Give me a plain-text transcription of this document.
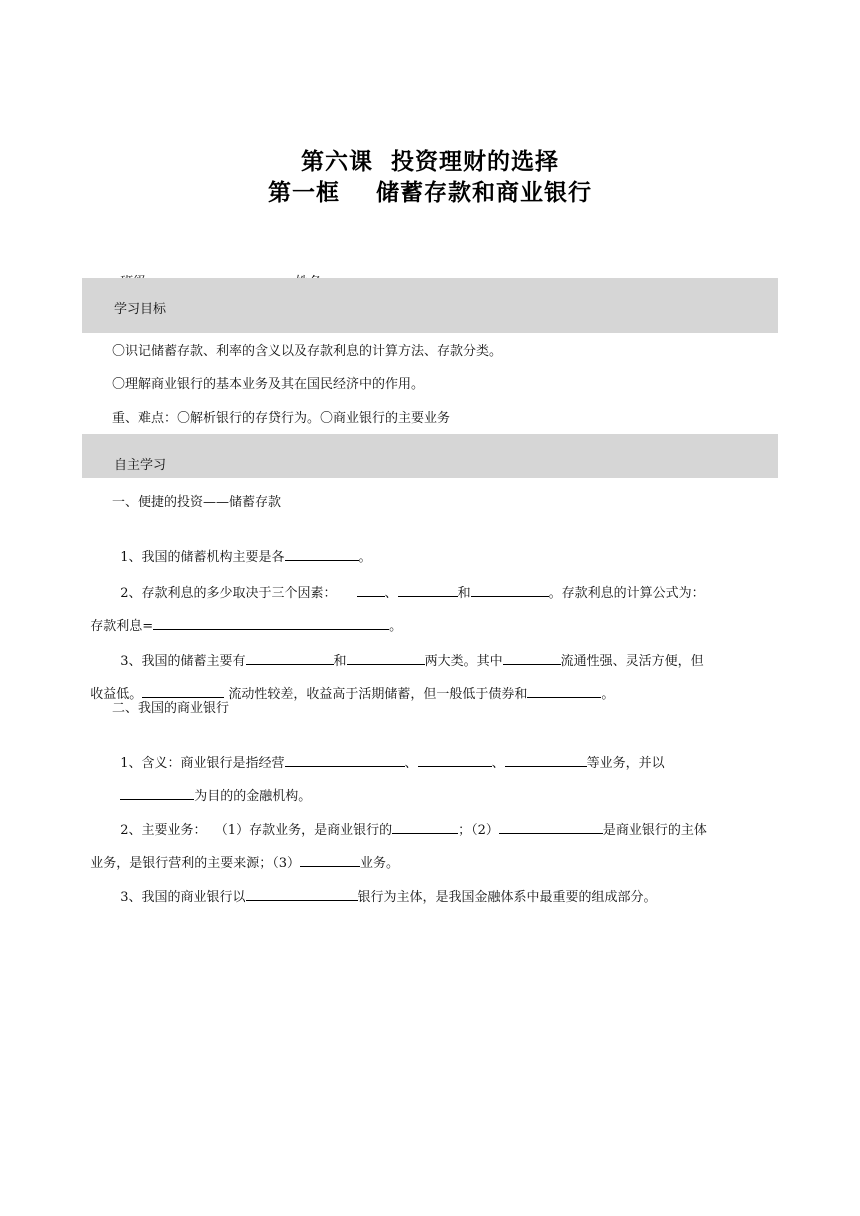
第六课  投资理财的选择
第一框    储蓄存款和商业银行

学习目标
〇识记储蓄存款、利率的含义以及存款利息的计算方法、存款分类。
〇理解商业银行的基本业务及其在国民经济中的作用。
重、难点：〇解析银行的存贷行为。〇商业银行的主要业务
自主学习
一、便捷的投资——储蓄存款

1、我国的储蓄机构主要是各	。

2、存款利息的多少取决于三个因素：	、	和	。存款利息的计算公式为：

存款利息=	。

3、我国的储蓄主要有	和	两大类。其中	流通性强、灵活方便，但

收益低。	流动性较差，收益高于活期储蓄，但一般低于债券和	。

二、我国的商业银行

1、含义：商业银行是指经营	、	、	等业务，并以

为目的的金融机构。

2、主要业务：  （1）存款业务，是商业银行的	；（2）	是商业银行的主体

业务，是银行营利的主要来源；（3）	业务。

3、我国的商业银行以	银行为主体，是我国金融体系中最重要的组成部分。
